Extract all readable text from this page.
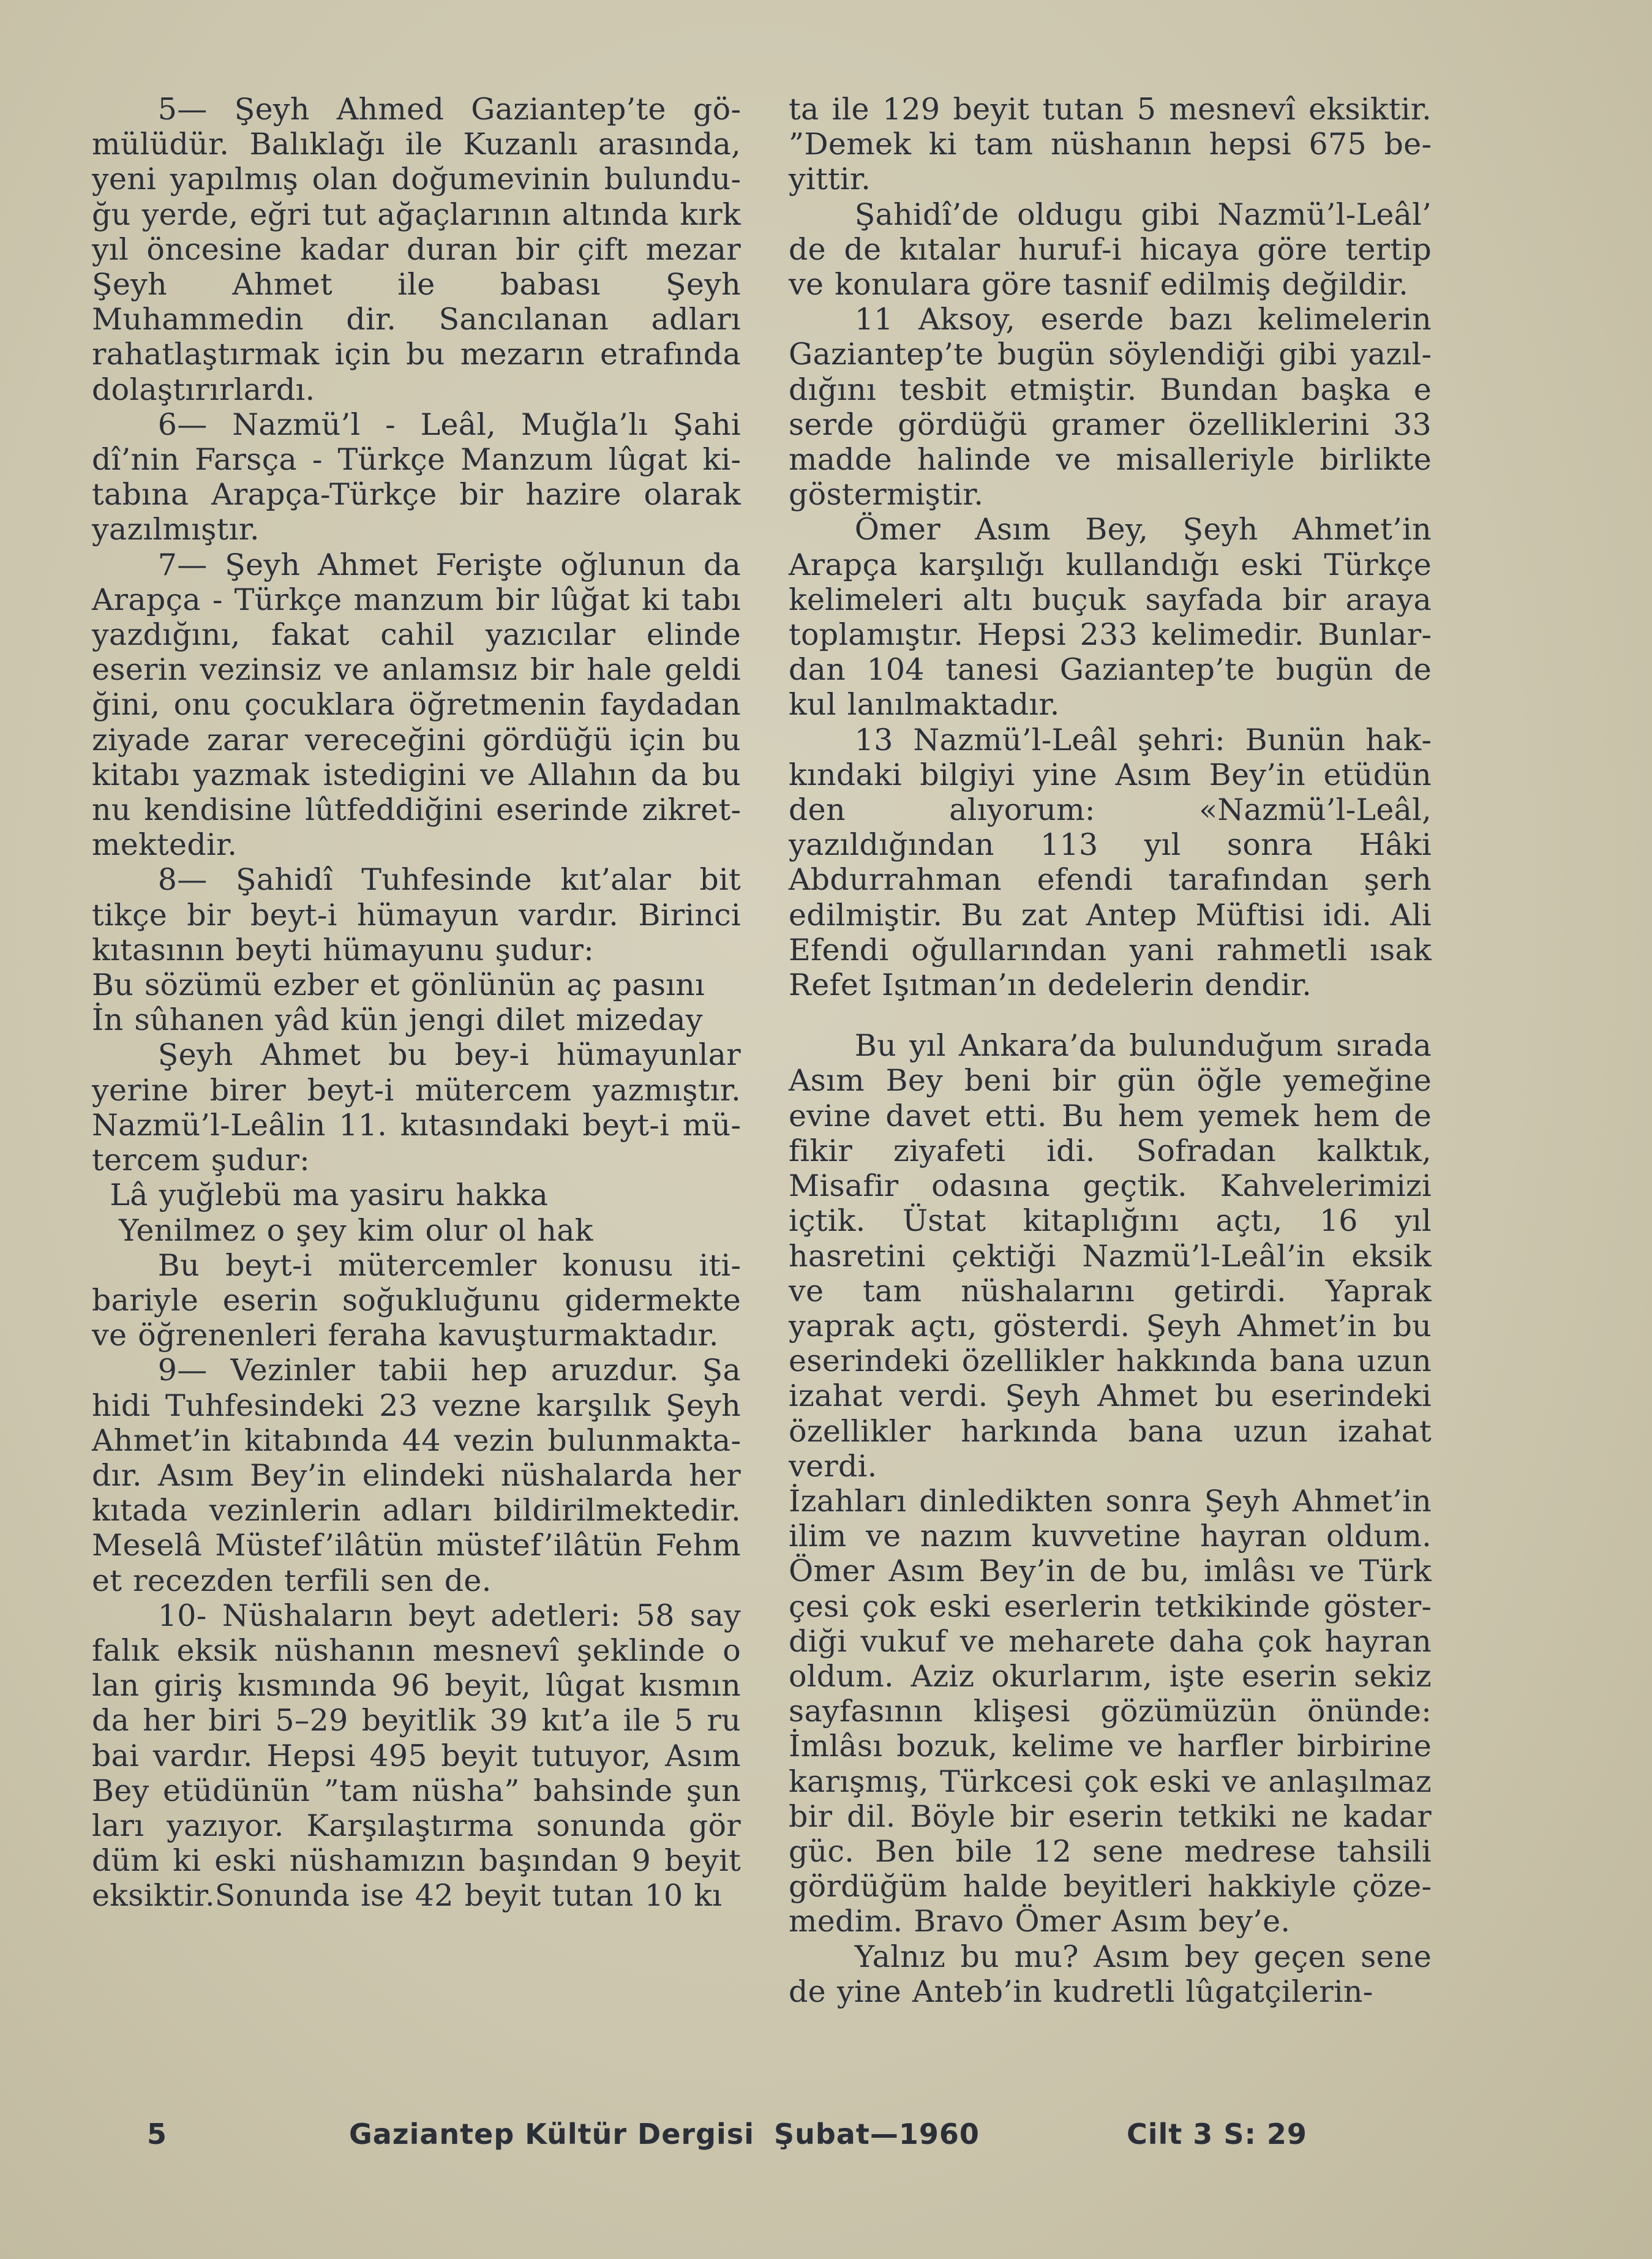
5— Şeyh Ahmed Gaziantep’te gömülüdür. Balıklağı ile Kuzanlı arasında, yeni yapılmış olan doğumevinin bulunduğu yerde, eğri tut ağaçlarının altında kırk yıl öncesine kadar duran bir çift mezar Şeyh Ahmet ile babası Şeyh Muhammedin dir. Sancılanan adları rahatlaştırmak için bu mezarın etrafında dolaştırırlardı.

6— Nazmü’l - Leâl, Muğla’lı Şahi dî’nin Farsça - Türkçe Manzum lûgat kitabına Arapça-Türkçe bir hazire olarak yazılmıştır.

7— Şeyh Ahmet Ferişte oğlunun da Arapça - Türkçe manzum bir lûğat ki tabı yazdığını, fakat cahil yazıcılar elinde eserin vezinsiz ve anlamsız bir hale geldi ğini, onu çocuklara öğretmenin faydadan ziyade zarar vereceğini gördüğü için bu kitabı yazmak istedigini ve Allahın da bu nu kendisine lûtfeddiğini eserinde zikretmektedir.

8— Şahidî Tuhfesinde kıt’alar bit tikçe bir beyt-i hümayun vardır. Birinci kıtasının beyti hümayunu şudur:

Bu sözümü ezber et gönlünün aç pasını

İn sûhanen yâd kün jengi dilet mizeday

Şeyh Ahmet bu bey-i hümayunlar yerine birer beyt-i mütercem yazmıştır. Nazmü’l-Leâlin 11. kıtasındaki beyt-i mütercem şudur:

Lâ yuğlebü ma yasiru hakka

Yenilmez o şey kim olur ol hak

Bu beyt-i mütercemler konusu itibariyle eserin soğukluğunu gidermekte ve öğrenenleri feraha kavuşturmaktadır.

9— Vezinler tabii hep aruzdur. Şa hidi Tuhfesindeki 23 vezne karşılık Şeyh Ahmet’in kitabında 44 vezin bulunmaktadır. Asım Bey’in elindeki nüshalarda her kıtada vezinlerin adları bildirilmektedir. Meselâ Müstef’ilâtün müstef’ilâtün Fehm et recezden terfili sen de.

10- Nüshaların beyt adetleri: 58 say falık eksik nüshanın mesnevî şeklinde o lan giriş kısmında 96 beyit, lûgat kısmın da her biri 5–29 beyitlik 39 kıt’a ile 5 ru bai vardır. Hepsi 495 beyit tutuyor, Asım Bey etüdünün ”tam nüsha” bahsinde şun ları yazıyor. Karşılaştırma sonunda gör düm ki eski nüshamızın başından 9 beyit eksiktir.Sonunda ise 42 beyit tutan 10 kı

ta ile 129 beyit tutan 5 mesnevî eksiktir. ”Demek ki tam nüshanın hepsi 675 beyittir.

Şahidî’de oldugu gibi Nazmü’l-Leâl’ de de kıtalar huruf-i hicaya göre tertip ve konulara göre tasnif edilmiş değildir.

11 Aksoy, eserde bazı kelimelerin Gaziantep’te bugün söylendiği gibi yazıldığını tesbit etmiştir. Bundan başka e serde gördüğü gramer özelliklerini 33 madde halinde ve misalleriyle birlikte göstermiştir.

Ömer Asım Bey, Şeyh Ahmet’in Arapça karşılığı kullandığı eski Türkçe kelimeleri altı buçuk sayfada bir araya toplamıştır. Hepsi 233 kelimedir. Bunlardan 104 tanesi Gaziantep’te bugün de kul lanılmaktadır.

13 Nazmü’l-Leâl şehri: Bunün hakkındaki bilgiyi yine Asım Bey’in etüdün den alıyorum: «Nazmü’l-Leâl, yazıldığından 113 yıl sonra Hâki Abdurrahman efendi tarafından şerh edilmiştir. Bu zat Antep Müftisi idi. Ali Efendi oğullarından yani rahmetli ısak Refet Işıtman’ın dedelerin dendir.

Bu yıl Ankara’da bulunduğum sırada Asım Bey beni bir gün öğle yemeğine evine davet etti. Bu hem yemek hem de fikir ziyafeti idi. Sofradan kalktık, Misafir odasına geçtik. Kahvelerimizi içtik. Üstat kitaplığını açtı, 16 yıl hasretini çektiği Nazmü’l-Leâl’in eksik ve tam nüshalarını getirdi. Yaprak yaprak açtı, gösterdi. Şeyh Ahmet’in bu eserindeki özellikler hakkında bana uzun izahat verdi. Şeyh Ahmet bu eserindeki özellikler harkında bana uzun izahat verdi.

İzahları dinledikten sonra Şeyh Ahmet’in ilim ve nazım kuvvetine hayran oldum. Ömer Asım Bey’in de bu, imlâsı ve Türk çesi çok eski eserlerin tetkikinde gösterdiği vukuf ve meharete daha çok hayran oldum. Aziz okurlarım, işte eserin sekiz sayfasının klişesi gözümüzün önünde: İmlâsı bozuk, kelime ve harfler birbirine karışmış, Türkcesi çok eski ve anlaşılmaz bir dil. Böyle bir eserin tetkiki ne kadar güc. Ben bile 12 sene medrese tahsili gördüğüm halde beyitleri hakkiyle çözemedim. Bravo Ömer Asım bey’e.

Yalnız bu mu? Asım bey geçen sene de yine Anteb’in kudretli lûgatçilerin-

5	Gaziantep Kültür Dergisi Şubat—1960	Cilt 3 S: 29
